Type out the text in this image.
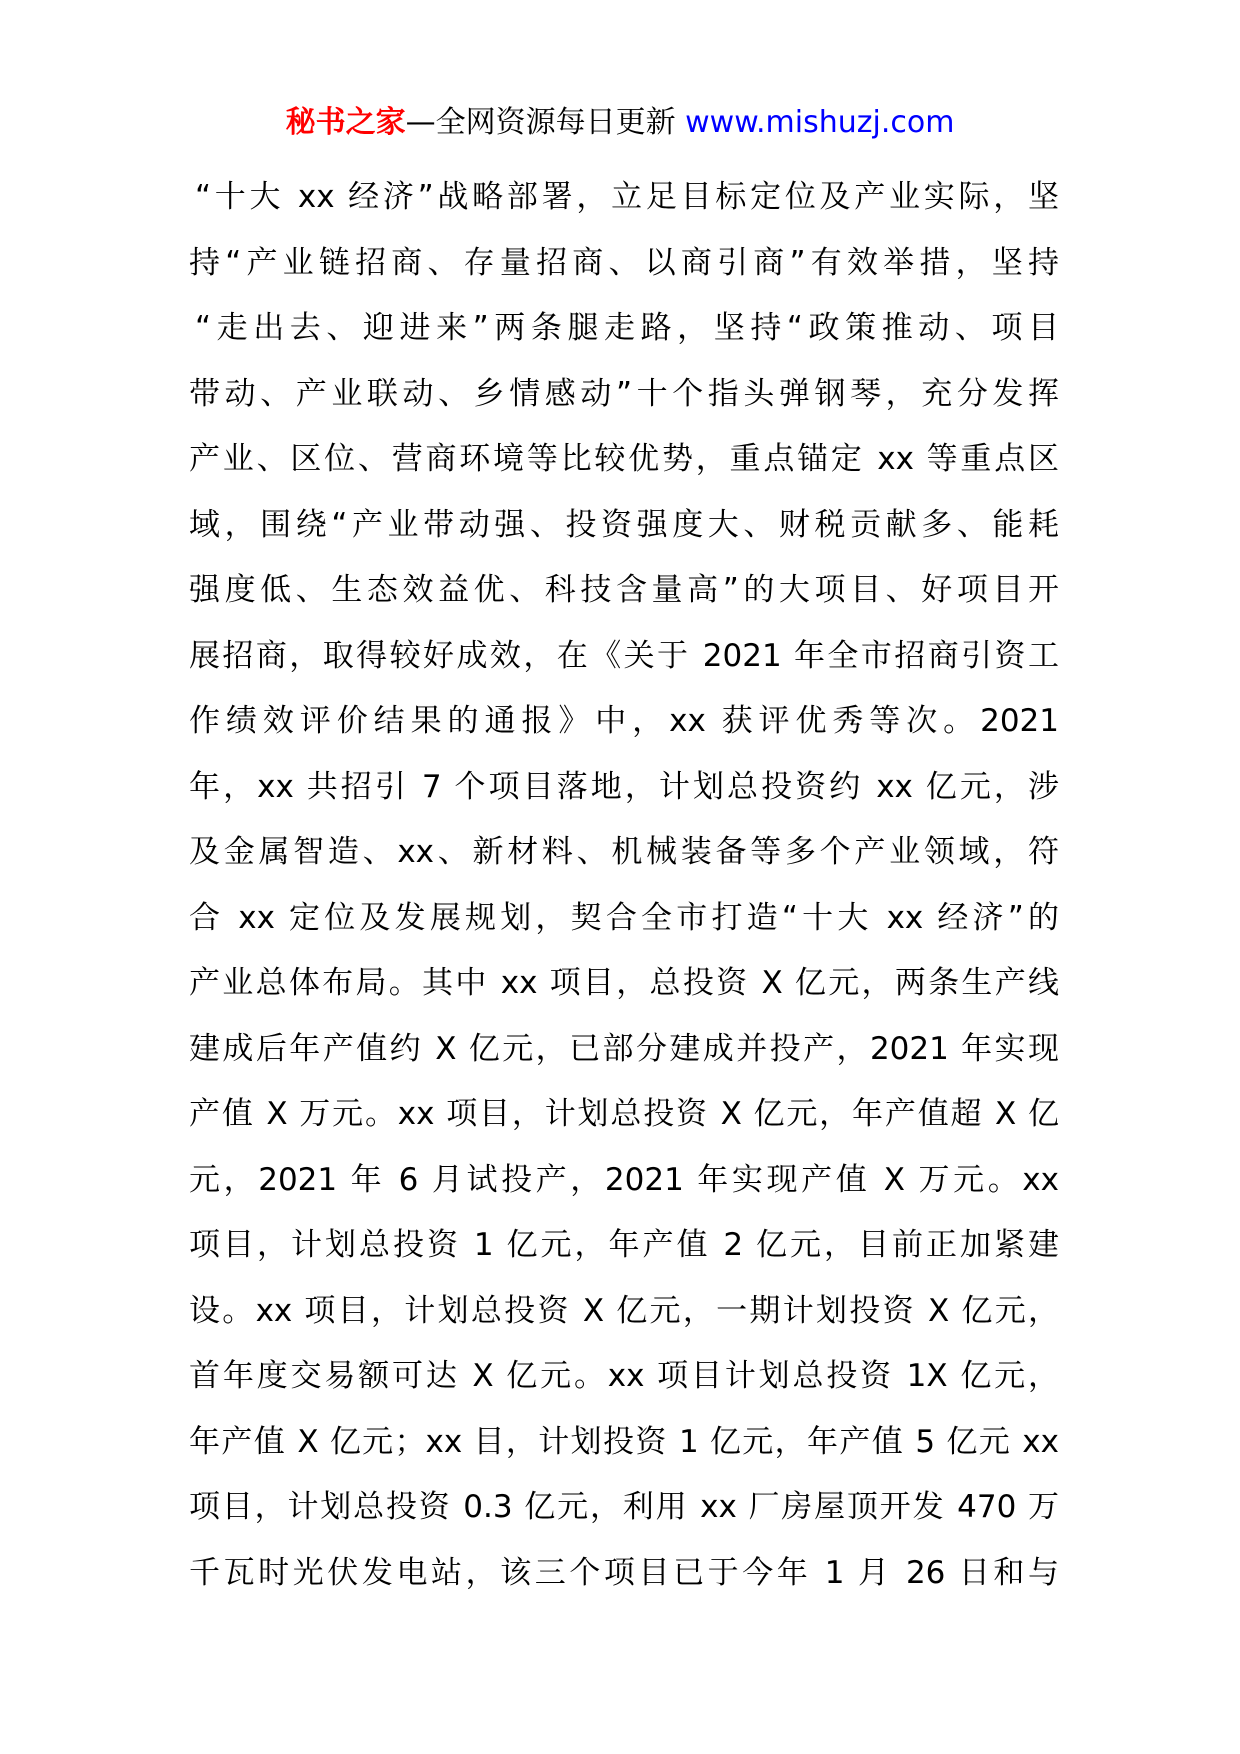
秘书之家—全网资源每日更新 www.mishuzj.com
“十大 xx 经济”战略部署，立足目标定位及产业实际，坚
持“产业链招商、存量招商、以商引商”有效举措，坚持
“走出去、迎进来”两条腿走路，坚持“政策推动、项目
带动、产业联动、乡情感动”十个指头弹钢琴，充分发挥
产业、区位、营商环境等比较优势，重点锚定 xx 等重点区
域，围绕“产业带动强、投资强度大、财税贡献多、能耗
强度低、生态效益优、科技含量高”的大项目、好项目开
展招商，取得较好成效，在《关于 2021 年全市招商引资工
作绩效评价结果的通报》中，xx 获评优秀等次。2021
年，xx 共招引 7 个项目落地，计划总投资约 xx 亿元，涉
及金属智造、xx、新材料、机械装备等多个产业领域，符
合 xx 定位及发展规划，契合全市打造“十大 xx 经济”的
产业总体布局。其中 xx 项目，总投资 X 亿元，两条生产线
建成后年产值约 X 亿元，已部分建成并投产，2021 年实现
产值 X 万元。xx 项目，计划总投资 X 亿元，年产值超 X 亿
元，2021 年 6 月试投产，2021 年实现产值 X 万元。xx
项目，计划总投资 1 亿元，年产值 2 亿元，目前正加紧建
设。xx 项目，计划总投资 X 亿元，一期计划投资 X 亿元，
首年度交易额可达 X 亿元。xx 项目计划总投资 1X 亿元，
年产值 X 亿元；xx 目，计划投资 1 亿元，年产值 5 亿元 xx
项目，计划总投资 0.3 亿元，利用 xx 厂房屋顶开发 470 万
千瓦时光伏发电站，该三个项目已于今年 1 月 26 日和与
